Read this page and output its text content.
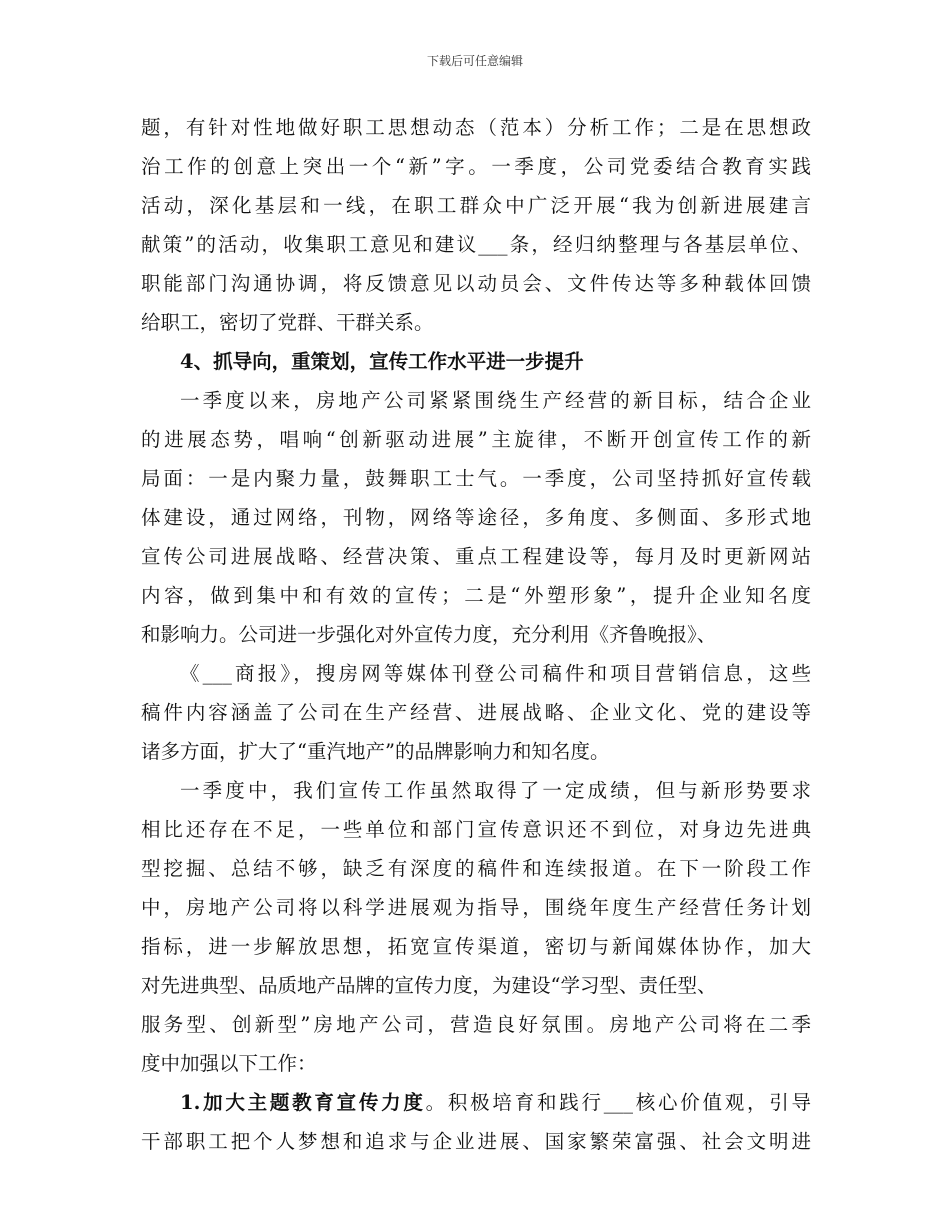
下载后可任意编辑
题，有针对性地做好职工思想动态（范本）分析工作；二是在思想政
治工作的创意上突出一个“新”字。一季度，公司党委结合教育实践
活动，深化基层和一线，在职工群众中广泛开展“我为创新进展建言
献策”的活动，收集职工意见和建议___条，经归纳整理与各基层单位、
职能部门沟通协调，将反馈意见以动员会、文件传达等多种载体回馈
给职工，密切了党群、干群关系。
4、抓导向，重策划，宣传工作水平进一步提升
一季度以来，房地产公司紧紧围绕生产经营的新目标，结合企业
的进展态势，唱响“创新驱动进展”主旋律，不断开创宣传工作的新
局面：一是内聚力量，鼓舞职工士气。一季度，公司坚持抓好宣传载
体建设，通过网络，刊物，网络等途径，多角度、多侧面、多形式地
宣传公司进展战略、经营决策、重点工程建设等，每月及时更新网站
内容，做到集中和有效的宣传；二是“外塑形象”，提升企业知名度
和影响力。公司进一步强化对外宣传力度，充分利用《齐鲁晚报》、
《___商报》，搜房网等媒体刊登公司稿件和项目营销信息，这些
稿件内容涵盖了公司在生产经营、进展战略、企业文化、党的建设等
诸多方面，扩大了“重汽地产”的品牌影响力和知名度。
一季度中，我们宣传工作虽然取得了一定成绩，但与新形势要求
相比还存在不足，一些单位和部门宣传意识还不到位，对身边先进典
型挖掘、总结不够，缺乏有深度的稿件和连续报道。在下一阶段工作
中，房地产公司将以科学进展观为指导，围绕年度生产经营任务计划
指标，进一步解放思想，拓宽宣传渠道，密切与新闻媒体协作，加大
对先进典型、品质地产品牌的宣传力度，为建设“学习型、责任型、
服务型、创新型”房地产公司，营造良好氛围。房地产公司将在二季
度中加强以下工作：
1.加大主题教育宣传力度。积极培育和践行___核心价值观，引导
干部职工把个人梦想和追求与企业进展、国家繁荣富强、社会文明进
